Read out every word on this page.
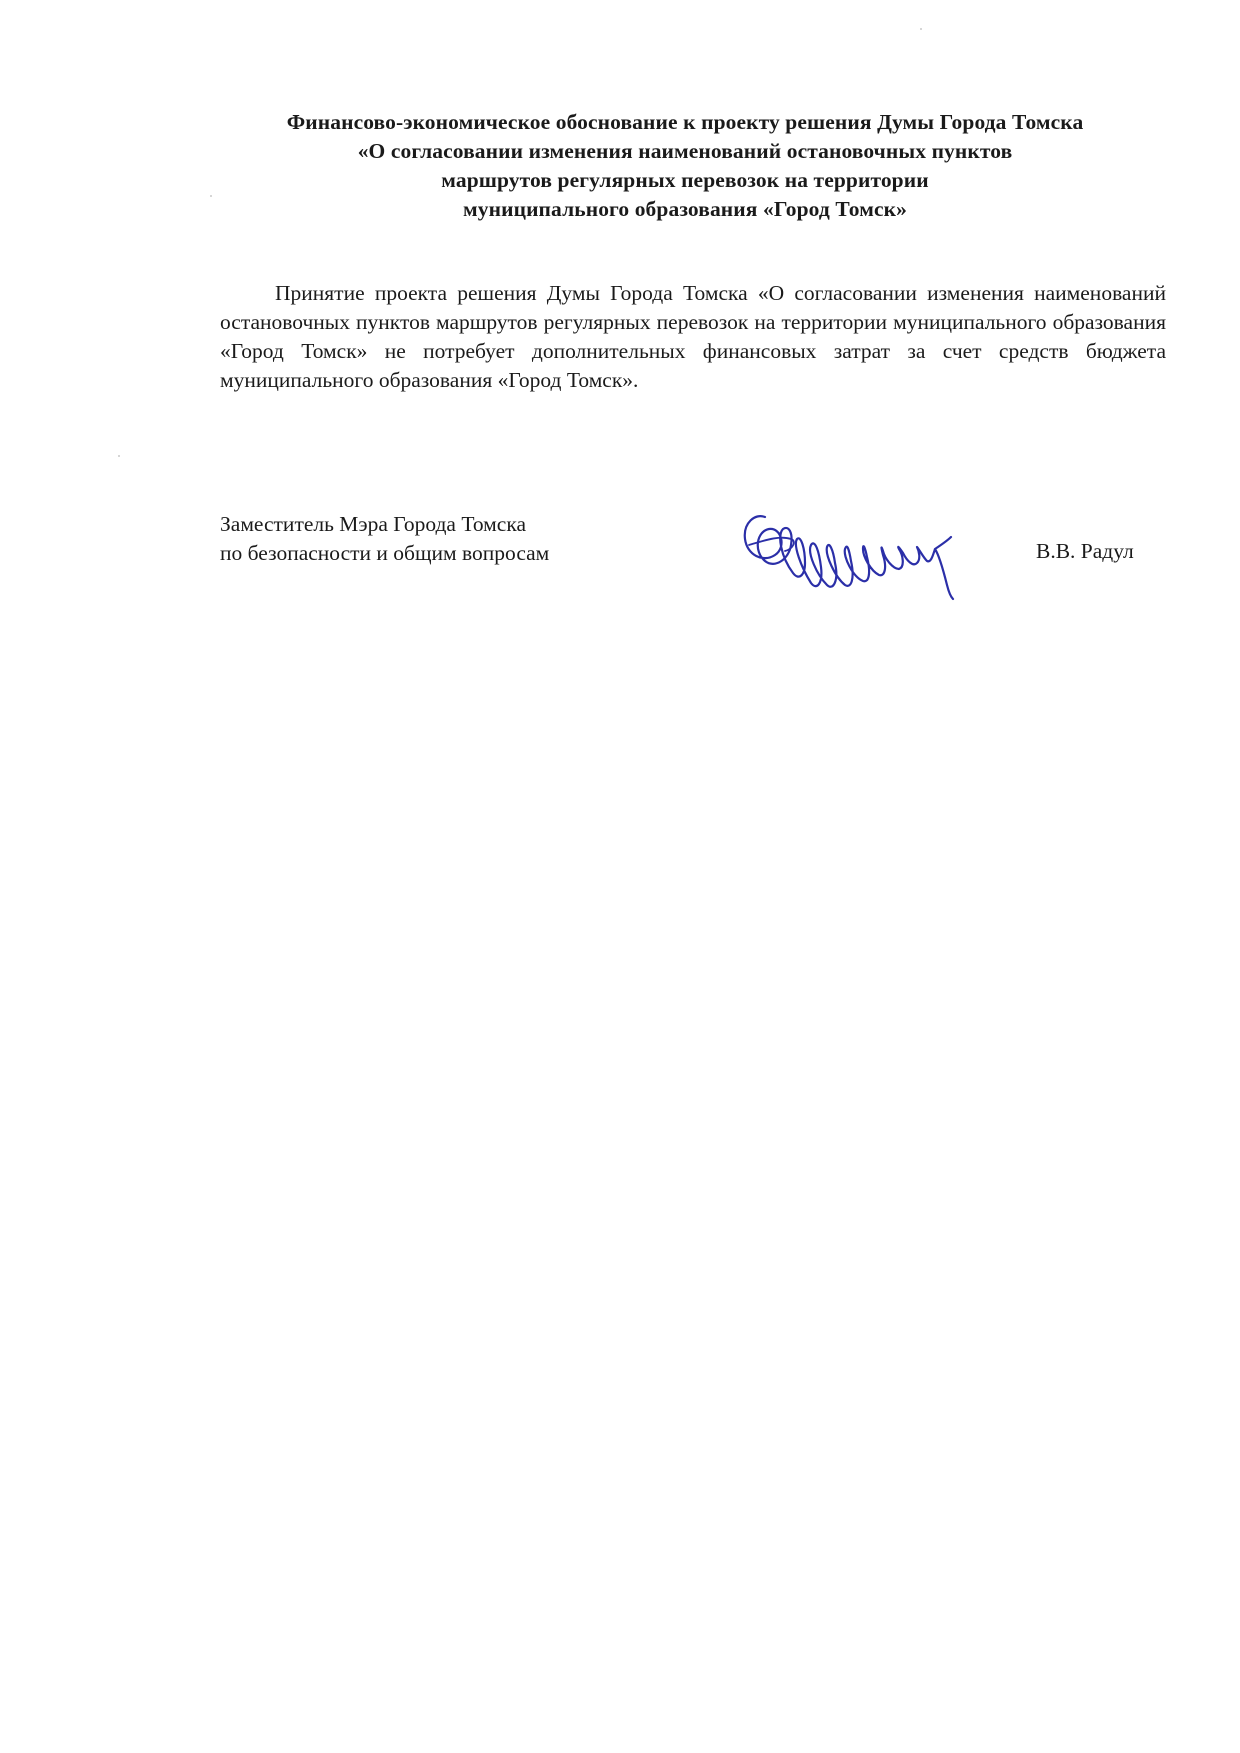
Финансово-экономическое обоснование к проекту решения Думы Города Томска
«О согласовании изменения наименований остановочных пунктов
маршрутов регулярных перевозок на территории
муниципального образования «Город Томск»

Принятие проекта решения Думы Города Томска «О согласовании изменения наименований остановочных пунктов маршрутов регулярных перевозок на территории муниципального образования «Город Томск» не потребует дополнительных финансовых затрат за счет средств бюджета муниципального образования «Город Томск».

Заместитель Мэра Города Томска
по безопасности и общим вопросам	В.В. Радул
